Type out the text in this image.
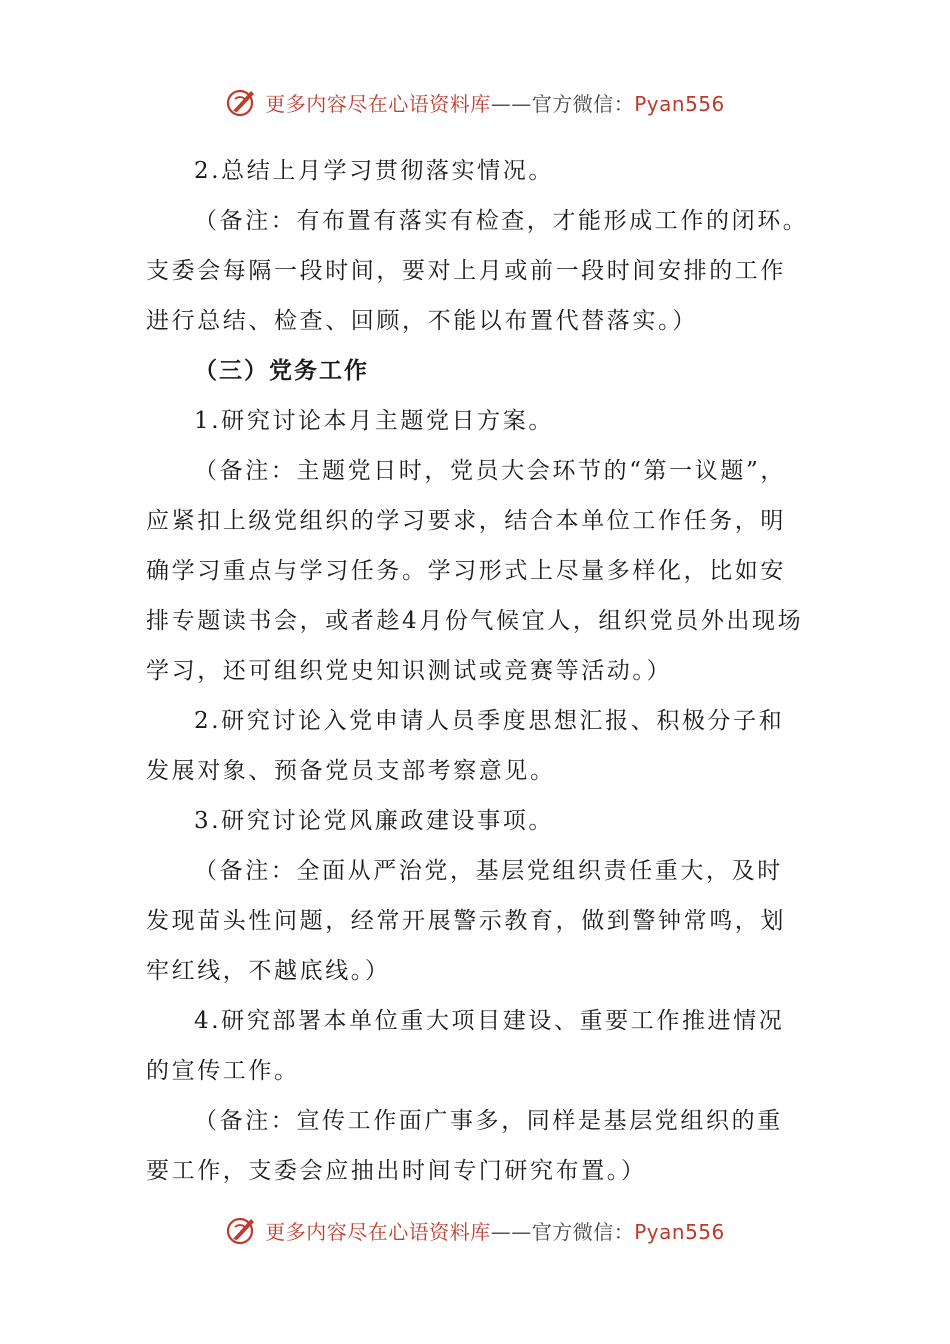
更多内容尽在心语资料库——官方微信：Pyan556
2.总结上月学习贯彻落实情况。
（备注：有布置有落实有检查，才能形成工作的闭环。
支委会每隔一段时间，要对上月或前一段时间安排的工作
进行总结、检查、回顾，不能以布置代替落实。）
（三）党务工作
1.研究讨论本月主题党日方案。
（备注：主题党日时，党员大会环节的“第一议题”，
应紧扣上级党组织的学习要求，结合本单位工作任务，明
确学习重点与学习任务。学习形式上尽量多样化，比如安
排专题读书会，或者趁4月份气候宜人，组织党员外出现场
学习，还可组织党史知识测试或竞赛等活动。）
2.研究讨论入党申请人员季度思想汇报、积极分子和
发展对象、预备党员支部考察意见。
3.研究讨论党风廉政建设事项。
（备注：全面从严治党，基层党组织责任重大，及时
发现苗头性问题，经常开展警示教育，做到警钟常鸣，划
牢红线，不越底线。）
4.研究部署本单位重大项目建设、重要工作推进情况
的宣传工作。
（备注：宣传工作面广事多，同样是基层党组织的重
要工作，支委会应抽出时间专门研究布置。）
更多内容尽在心语资料库——官方微信：Pyan556
